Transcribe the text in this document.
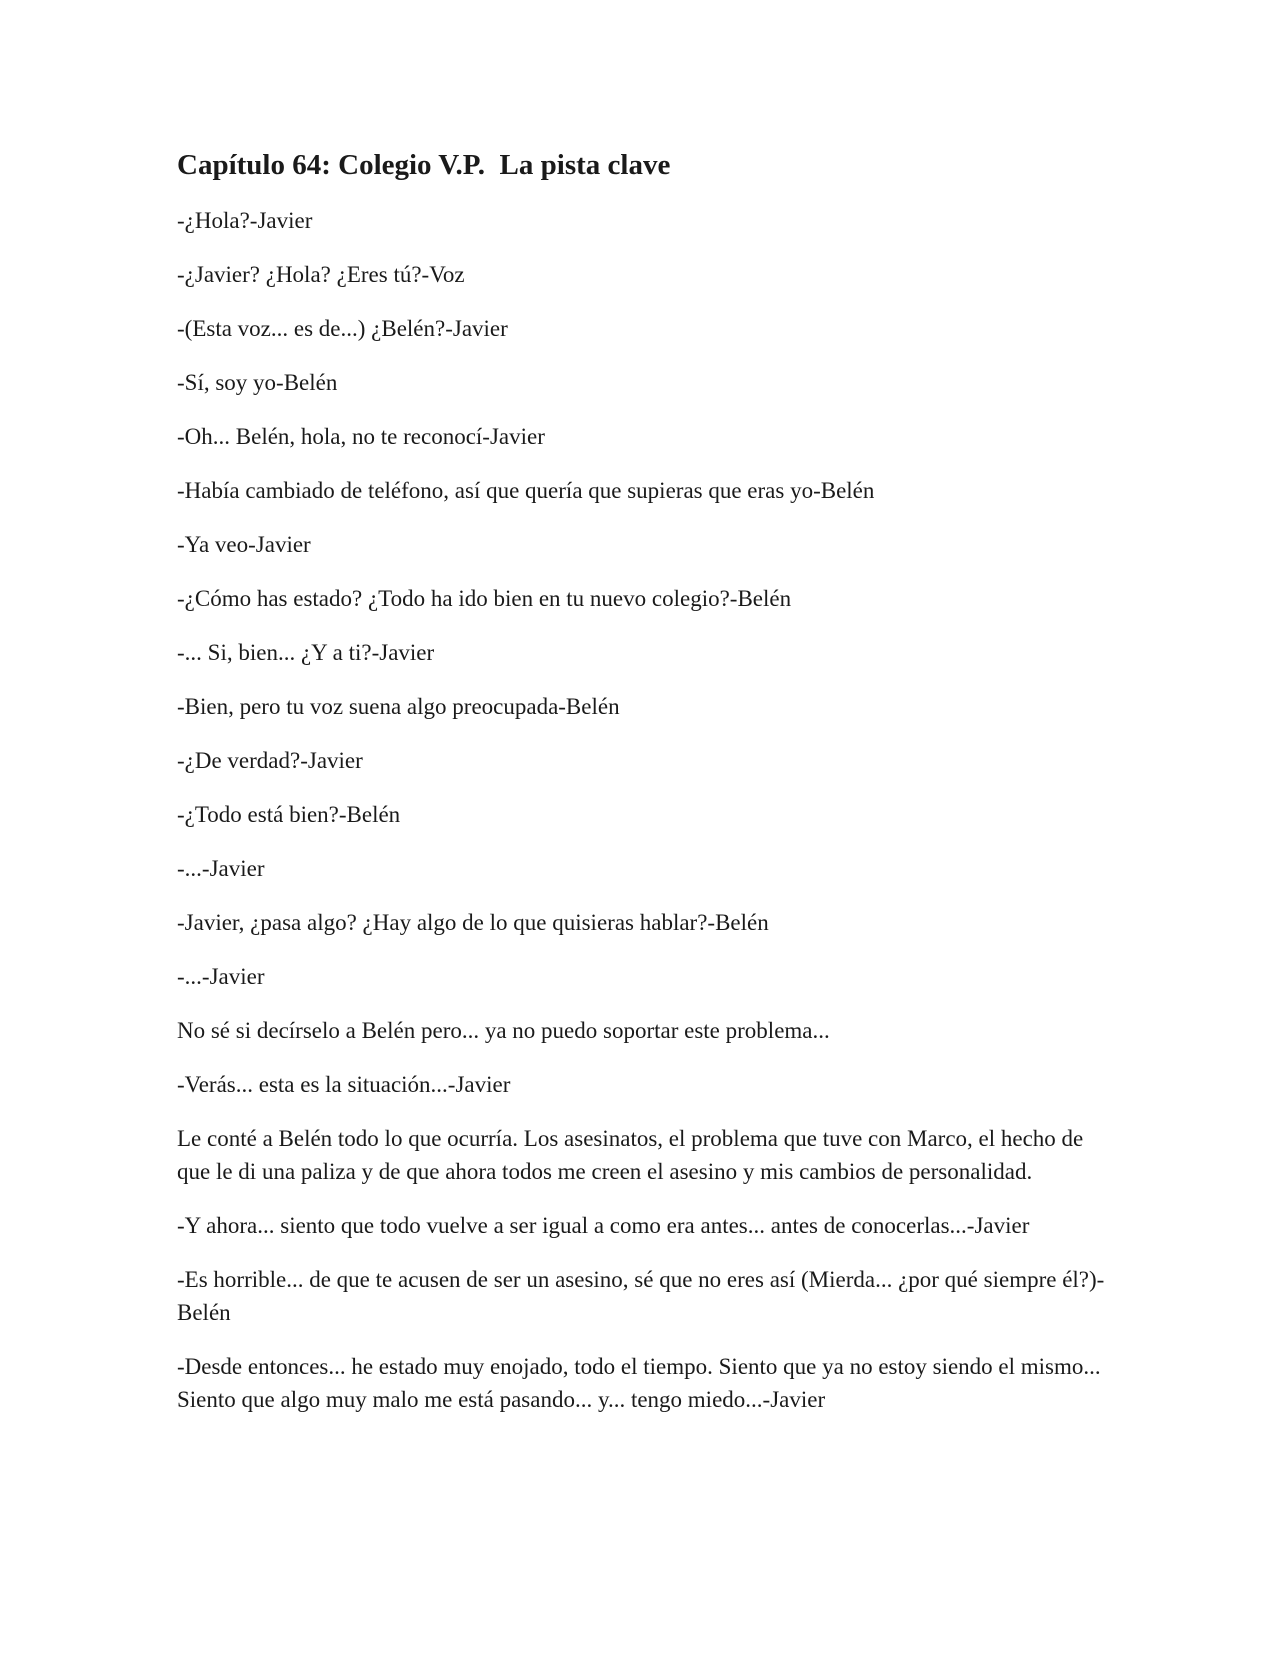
Capítulo 64: Colegio V.P.  La pista clave

-¿Hola?-Javier

-¿Javier? ¿Hola? ¿Eres tú?-Voz

-(Esta voz... es de...) ¿Belén?-Javier

-Sí, soy yo-Belén

-Oh... Belén, hola, no te reconocí-Javier

-Había cambiado de teléfono, así que quería que supieras que eras yo-Belén

-Ya veo-Javier

-¿Cómo has estado? ¿Todo ha ido bien en tu nuevo colegio?-Belén

-... Si, bien... ¿Y a ti?-Javier

-Bien, pero tu voz suena algo preocupada-Belén

-¿De verdad?-Javier

-¿Todo está bien?-Belén

-...-Javier

-Javier, ¿pasa algo? ¿Hay algo de lo que quisieras hablar?-Belén

-...-Javier

No sé si decírselo a Belén pero... ya no puedo soportar este problema...

-Verás... esta es la situación...-Javier

Le conté a Belén todo lo que ocurría. Los asesinatos, el problema que tuve con Marco, el hecho de que le di una paliza y de que ahora todos me creen el asesino y mis cambios de personalidad.

-Y ahora... siento que todo vuelve a ser igual a como era antes... antes de conocerlas...-Javier

-Es horrible... de que te acusen de ser un asesino, sé que no eres así (Mierda... ¿por qué siempre él?)-Belén

-Desde entonces... he estado muy enojado, todo el tiempo. Siento que ya no estoy siendo el mismo... Siento que algo muy malo me está pasando... y... tengo miedo...-Javier
